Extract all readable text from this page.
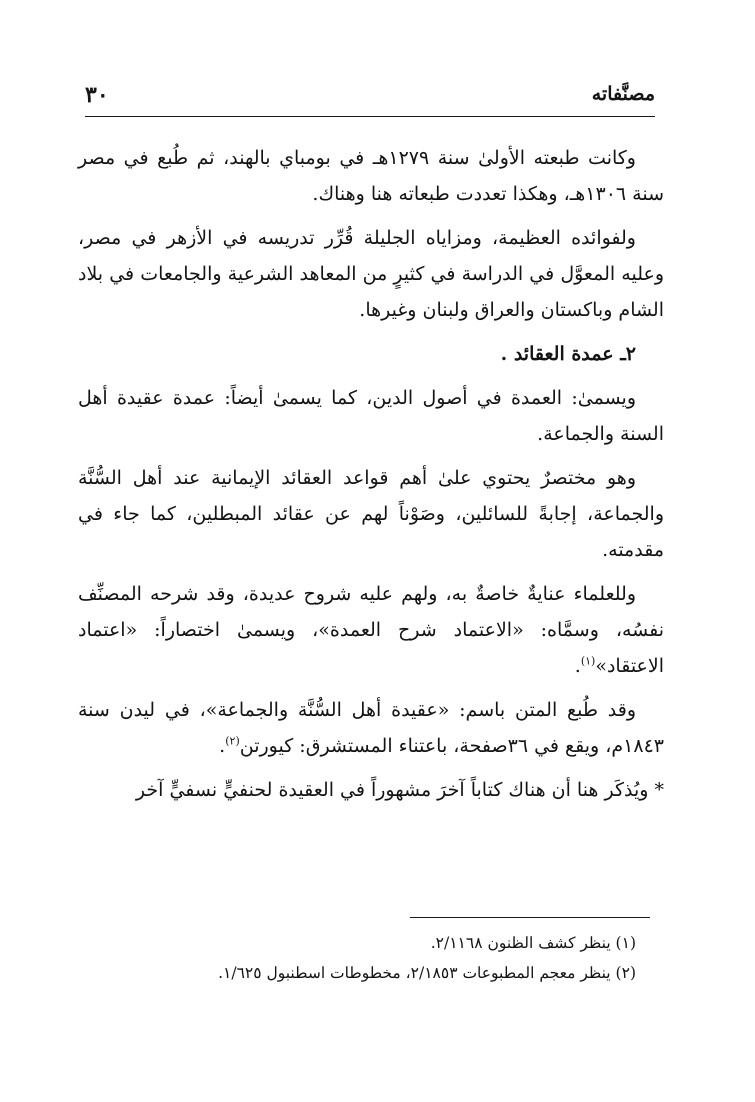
٣٠	مصنَّفاته

وكانت طبعته الأولىٰ سنة ١٢٧٩هـ في بومباي بالهند، ثم طُبع في مصر سنة ١٣٠٦هـ، وهكذا تعددت طبعاته هنا وهناك.

ولفوائده العظيمة، ومزاياه الجليلة قُرِّر تدريسه في الأزهر في مصر، وعليه المعوَّل في الدراسة في كثيرٍ من المعاهد الشرعية والجامعات في بلاد الشام وباكستان والعراق ولبنان وغيرها.

٢ـ عمدة العقائد .

ويسمىٰ: العمدة في أصول الدين، كما يسمىٰ أيضاً: عمدة عقيدة أهل السنة والجماعة.

وهو مختصرٌ يحتوي علىٰ أهم قواعد العقائد الإيمانية عند أهل السُّنَّة والجماعة، إجابةً للسائلين، وصَوْناً لهم عن عقائد المبطلين، كما جاء في مقدمته.

وللعلماء عنايةٌ خاصةٌ به، ولهم عليه شروح عديدة، وقد شرحه المصنِّف نفسُه، وسمَّاه: «الاعتماد شرح العمدة»، ويسمىٰ اختصاراً: «اعتماد الاعتقاد»$^{(١)}$.

وقد طُبع المتن باسم: «عقيدة أهل السُّنَّة والجماعة»، في ليدن سنة ١٨٤٣م، ويقع في ٣٦صفحة، باعتناء المستشرق: كيورتن$^{(٢)}$.

* ويُذكَر هنا أن هناك كتاباً آخرَ مشهوراً في العقيدة لحنفيٍّ نسفيٍّ آخر

(١) ينظر كشف الظنون ٢/١١٦٨.
(٢) ينظر معجم المطبوعات ٢/١٨٥٣، مخطوطات اسطنبول ١/٦٢٥.
